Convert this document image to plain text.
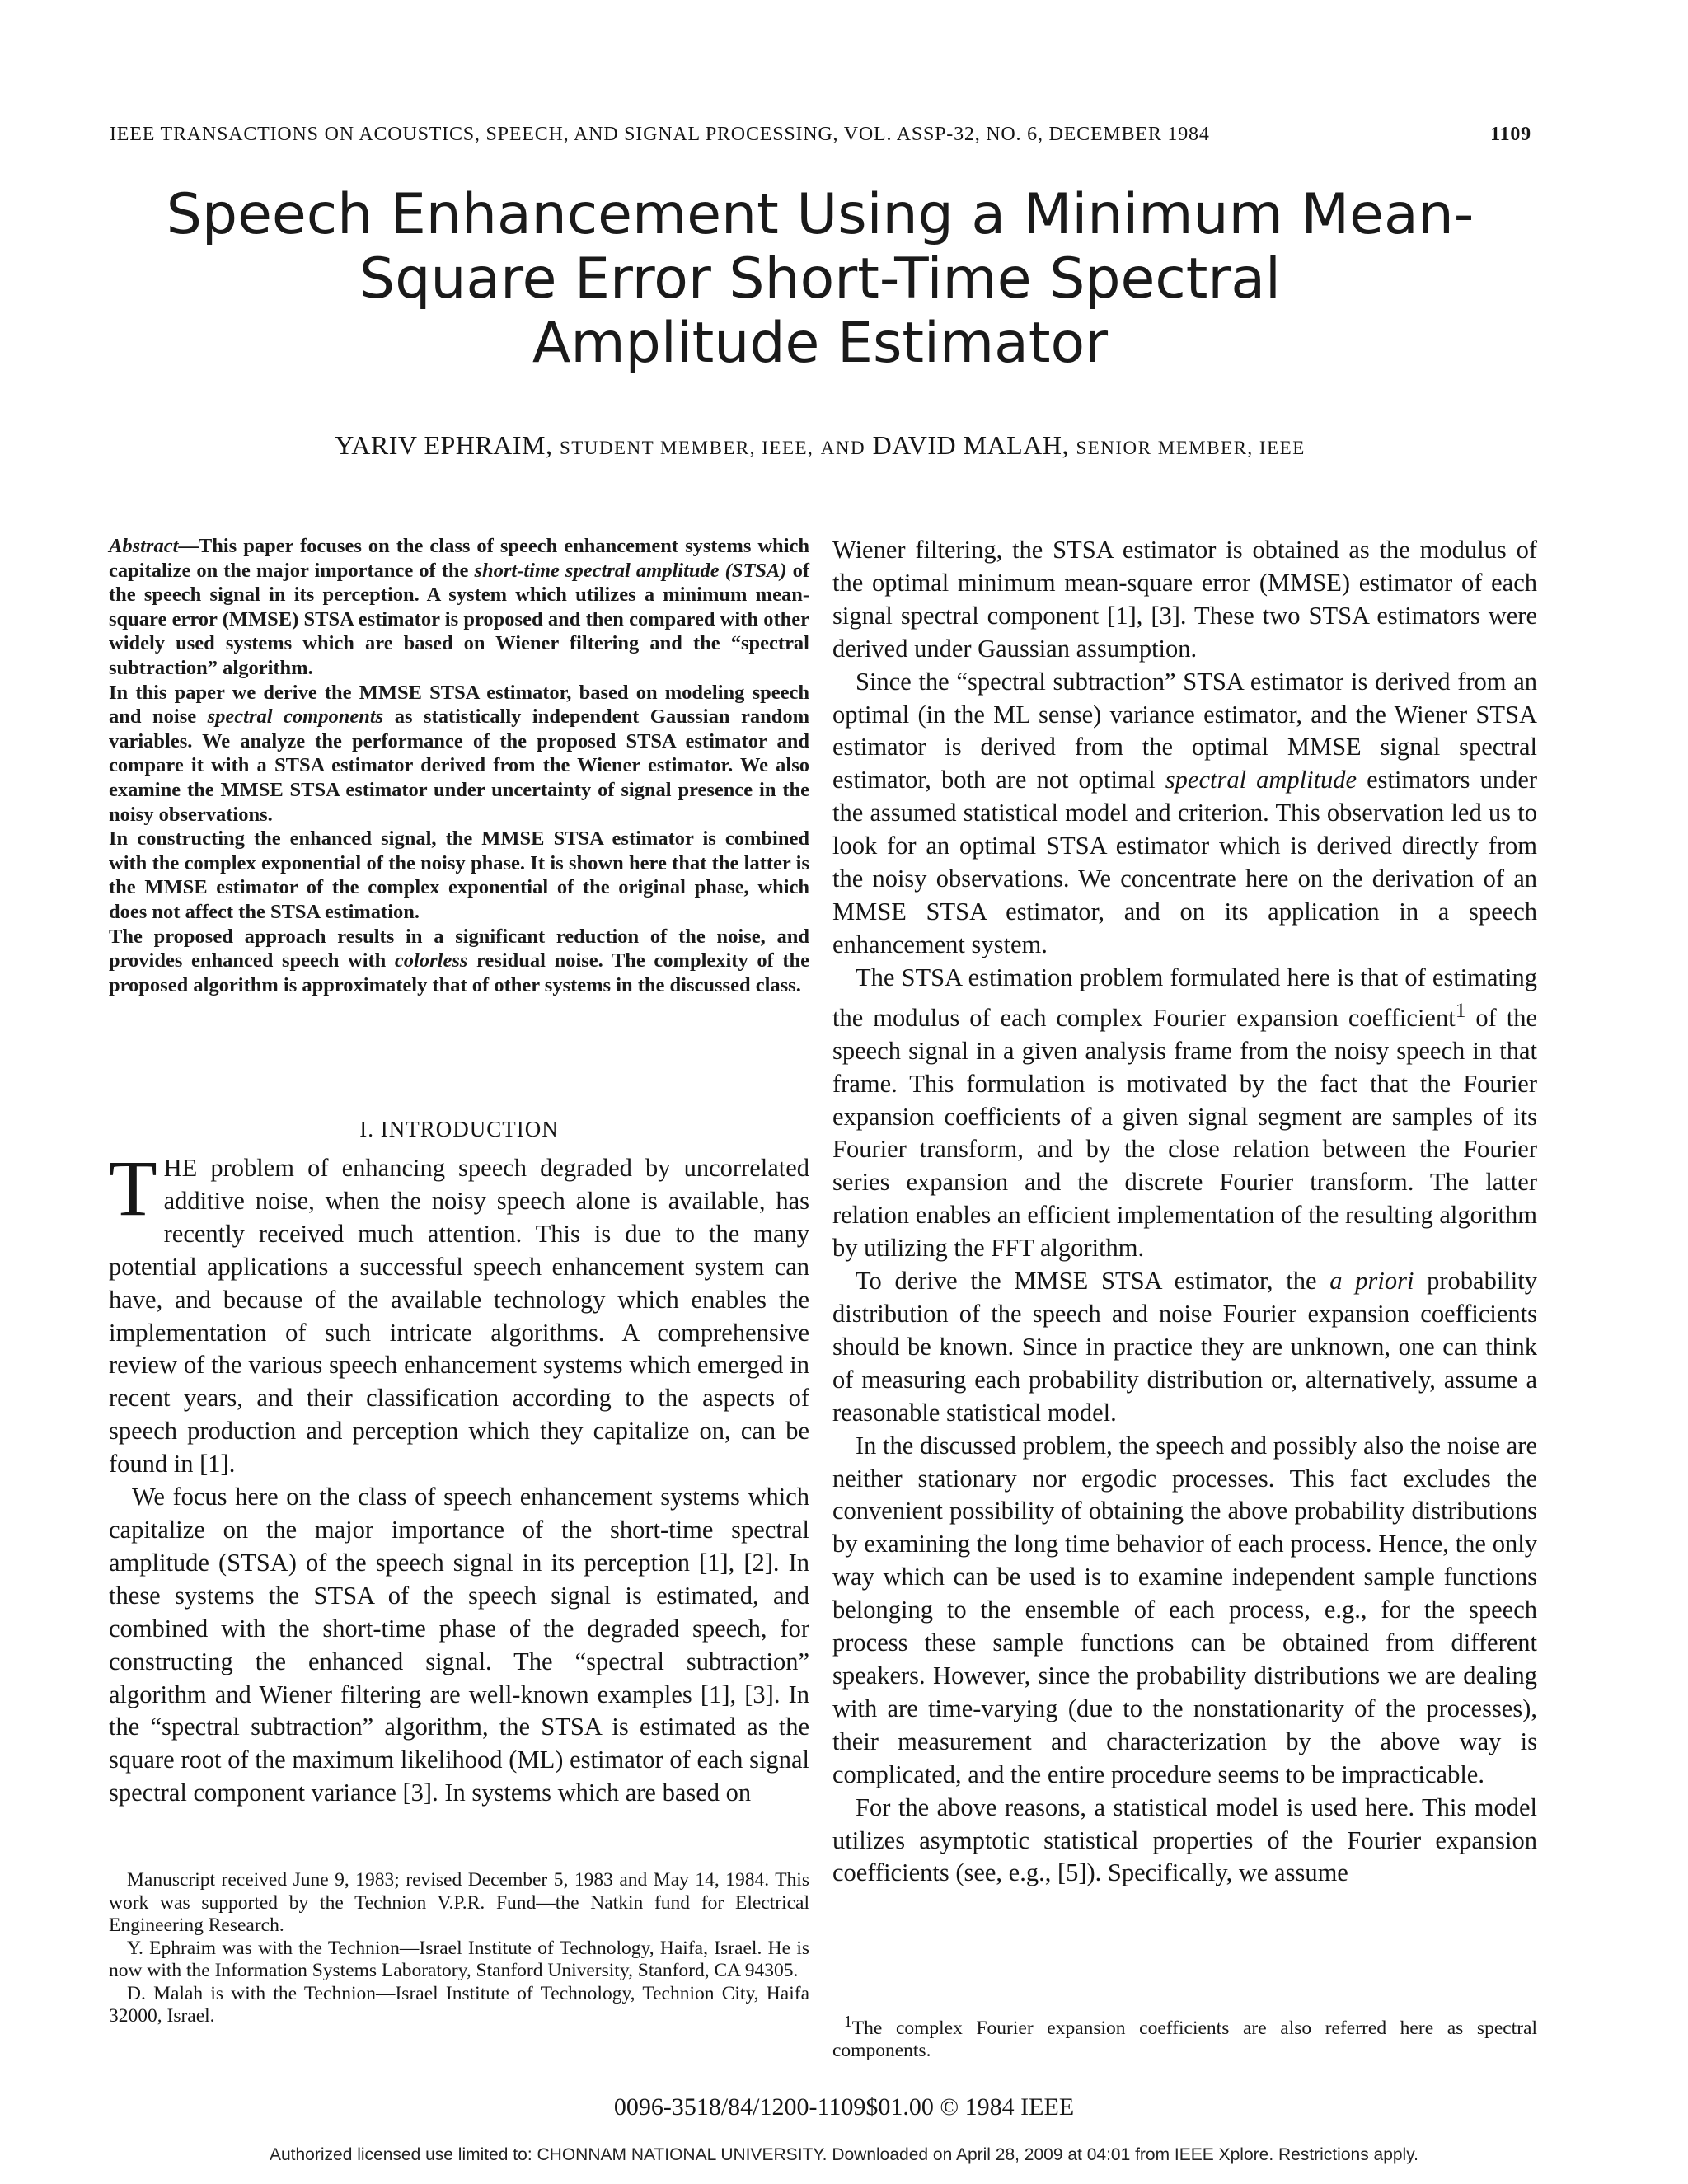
IEEE TRANSACTIONS ON ACOUSTICS, SPEECH, AND SIGNAL PROCESSING, VOL. ASSP-32, NO. 6, DECEMBER 1984	1109
Speech Enhancement Using a Minimum Mean-
Square Error Short-Time Spectral
Amplitude Estimator
YARIV EPHRAIM, STUDENT MEMBER, IEEE, AND DAVID MALAH, SENIOR MEMBER, IEEE

Abstract—This paper focuses on the class of speech enhancement systems which capitalize on the major importance of the short-time spectral amplitude (STSA) of the speech signal in its perception. A system which utilizes a minimum mean-square error (MMSE) STSA estimator is proposed and then compared with other widely used systems which are based on Wiener filtering and the “spectral subtraction” algorithm.

In this paper we derive the MMSE STSA estimator, based on modeling speech and noise spectral components as statistically independent Gaussian random variables. We analyze the performance of the proposed STSA estimator and compare it with a STSA estimator derived from the Wiener estimator. We also examine the MMSE STSA estimator under uncertainty of signal presence in the noisy observations.

In constructing the enhanced signal, the MMSE STSA estimator is combined with the complex exponential of the noisy phase. It is shown here that the latter is the MMSE estimator of the complex exponential of the original phase, which does not affect the STSA estimation.

The proposed approach results in a significant reduction of the noise, and provides enhanced speech with colorless residual noise. The complexity of the proposed algorithm is approximately that of other systems in the discussed class.

I. INTRODUCTION

THE problem of enhancing speech degraded by uncorrelated additive noise, when the noisy speech alone is available, has recently received much attention. This is due to the many potential applications a successful speech enhancement system can have, and because of the available technology which enables the implementation of such intricate algorithms. A comprehensive review of the various speech enhancement systems which emerged in recent years, and their classification according to the aspects of speech production and perception which they capitalize on, can be found in [1].

We focus here on the class of speech enhancement systems which capitalize on the major importance of the short-time spectral amplitude (STSA) of the speech signal in its perception [1], [2]. In these systems the STSA of the speech signal is estimated, and combined with the short-time phase of the degraded speech, for constructing the enhanced signal. The “spectral subtraction” algorithm and Wiener filtering are well-known examples [1], [3]. In the “spectral subtraction” algorithm, the STSA is estimated as the square root of the maximum likelihood (ML) estimator of each signal spectral component variance [3]. In systems which are based on

Wiener filtering, the STSA estimator is obtained as the modulus of the optimal minimum mean-square error (MMSE) estimator of each signal spectral component [1], [3]. These two STSA estimators were derived under Gaussian assumption.

Since the “spectral subtraction” STSA estimator is derived from an optimal (in the ML sense) variance estimator, and the Wiener STSA estimator is derived from the optimal MMSE signal spectral estimator, both are not optimal spectral amplitude estimators under the assumed statistical model and criterion. This observation led us to look for an optimal STSA estimator which is derived directly from the noisy observations. We concentrate here on the derivation of an MMSE STSA estimator, and on its application in a speech enhancement system.

The STSA estimation problem formulated here is that of estimating the modulus of each complex Fourier expansion coefficient$^1$ of the speech signal in a given analysis frame from the noisy speech in that frame. This formulation is motivated by the fact that the Fourier expansion coefficients of a given signal segment are samples of its Fourier transform, and by the close relation between the Fourier series expansion and the discrete Fourier transform. The latter relation enables an efficient implementation of the resulting algorithm by utilizing the FFT algorithm.

To derive the MMSE STSA estimator, the a priori probability distribution of the speech and noise Fourier expansion coefficients should be known. Since in practice they are unknown, one can think of measuring each probability distribution or, alternatively, assume a reasonable statistical model.

In the discussed problem, the speech and possibly also the noise are neither stationary nor ergodic processes. This fact excludes the convenient possibility of obtaining the above probability distributions by examining the long time behavior of each process. Hence, the only way which can be used is to examine independent sample functions belonging to the ensemble of each process, e.g., for the speech process these sample functions can be obtained from different speakers. However, since the probability distributions we are dealing with are time-varying (due to the nonstationarity of the processes), their measurement and characterization by the above way is complicated, and the entire procedure seems to be impracticable.

For the above reasons, a statistical model is used here. This model utilizes asymptotic statistical properties of the Fourier expansion coefficients (see, e.g., [5]). Specifically, we assume

Manuscript received June 9, 1983; revised December 5, 1983 and May 14, 1984. This work was supported by the Technion V.P.R. Fund—the Natkin fund for Electrical Engineering Research.

Y. Ephraim was with the Technion—Israel Institute of Technology, Haifa, Israel. He is now with the Information Systems Laboratory, Stanford University, Stanford, CA 94305.

D. Malah is with the Technion—Israel Institute of Technology, Technion City, Haifa 32000, Israel.	$^1$The complex Fourier expansion coefficients are also referred here as spectral components.

0096-3518/84/1200-1109$01.00 © 1984 IEEE
Authorized licensed use limited to: CHONNAM NATIONAL UNIVERSITY. Downloaded on April 28, 2009 at 04:01 from IEEE Xplore. Restrictions apply.
